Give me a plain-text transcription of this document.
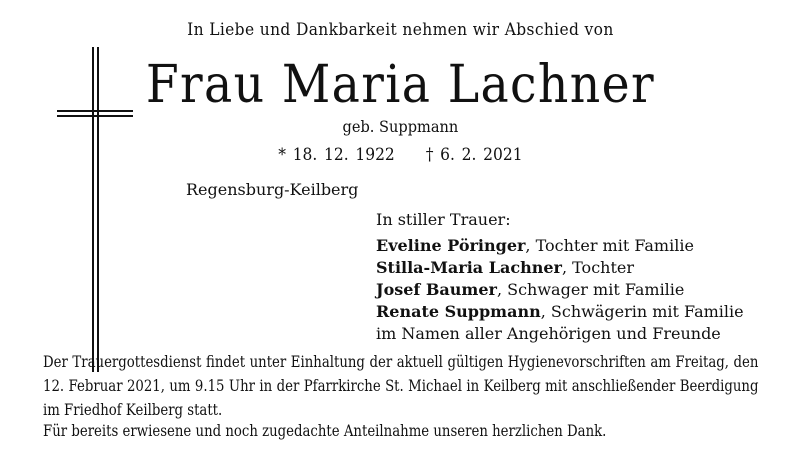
In Liebe und Dankbarkeit nehmen wir Abschied von
Frau Maria Lachner
geb. Suppmann
* 18. 12. 1922 † 6. 2. 2021
Regensburg-Keilberg
In stiller Trauer:
Eveline Pöringer, Tochter mit Familie
Stilla-Maria Lachner, Tochter
Josef Baumer, Schwager mit Familie
Renate Suppmann, Schwägerin mit Familie
im Namen aller Angehörigen und Freunde
Der Trauergottesdienst findet unter Einhaltung der aktuell gültigen Hygienevorschriften am Freitag, den 12. Februar 2021, um 9.15 Uhr in der Pfarrkirche St. Michael in Keilberg mit anschließender Beerdigung im Friedhof Keilberg statt.
Für bereits erwiesene und noch zugedachte Anteilnahme unseren herzlichen Dank.
